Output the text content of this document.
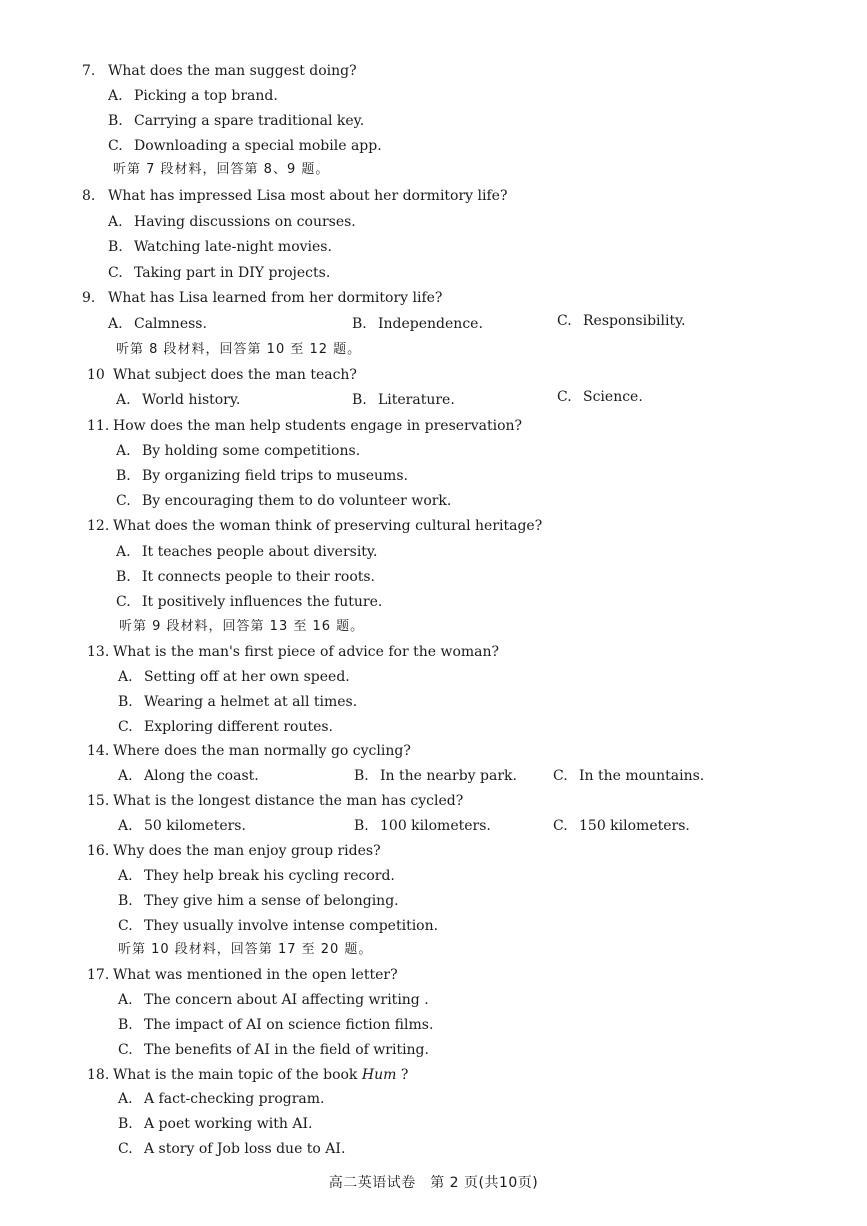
7. What does the man suggest doing?
A. Picking a top brand.
B. Carrying a spare traditional key.
C. Downloading a special mobile app.
听第 7 段材料，回答第 8、9 题。
8. What has impressed Lisa most about her dormitory life?
A. Having discussions on courses.
B. Watching late-night movies.
C. Taking part in DIY projects.
9. What has Lisa learned from her dormitory life?
A. Calmness.	B. Independence.	C. Responsibility.
听第 8 段材料，回答第 10 至 12 题。
10 What subject does the man teach?
A. World history.	B. Literature.	C. Science.
11. How does the man help students engage in preservation?
A. By holding some competitions.
B. By organizing field trips to museums.
C. By encouraging them to do volunteer work.
12. What does the woman think of preserving cultural heritage?
A. It teaches people about diversity.
B. It connects people to their roots.
C. It positively influences the future.
听第 9 段材料，回答第 13 至 16 题。
13. What is the man's first piece of advice for the woman?
A. Setting off at her own speed.
B. Wearing a helmet at all times.
C. Exploring different routes.
14. Where does the man normally go cycling?
A. Along the coast.	B. In the nearby park.	C. In the mountains.
15. What is the longest distance the man has cycled?
A. 50 kilometers.	B. 100 kilometers.	C. 150 kilometers.
16. Why does the man enjoy group rides?
A. They help break his cycling record.
B. They give him a sense of belonging.
C. They usually involve intense competition.
听第 10 段材料，回答第 17 至 20 题。
17. What was mentioned in the open letter?
A. The concern about AI affecting writing .
B. The impact of AI on science fiction films.
C. The benefits of AI in the field of writing.
18. What is the main topic of the book Hum ?
A. A fact-checking program.
B. A poet working with AI.
C. A story of Job loss due to AI.
高二英语试卷　第 2 页(共10页)
